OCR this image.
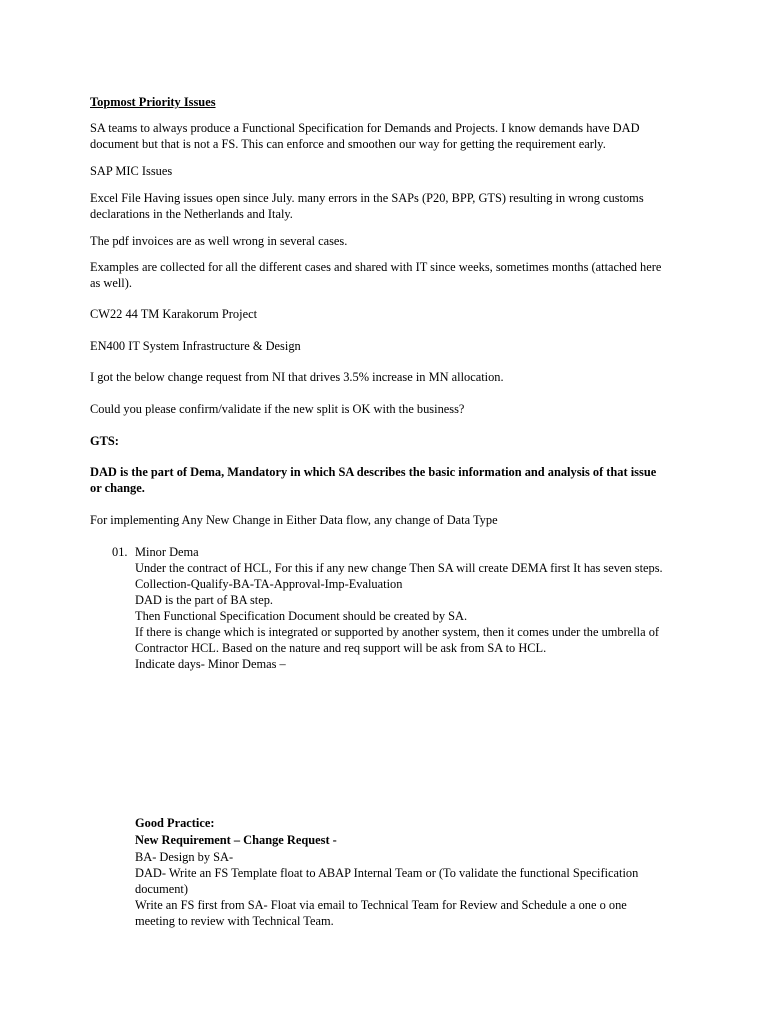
Topmost Priority Issues
SA teams to always produce a Functional Specification for Demands and Projects. I know demands have DAD
document but that is not a FS. This can enforce and smoothen our way for getting the requirement early.
SAP MIC Issues
Excel File Having issues open since July. many errors in the SAPs (P20, BPP, GTS) resulting in wrong customs
declarations in the Netherlands and Italy.
The pdf invoices are as well wrong in several cases.
Examples are collected for all the different cases and shared with IT since weeks, sometimes months (attached here
as well).
CW22 44 TM Karakorum Project
EN400 IT System Infrastructure & Design
I got the below change request from NI that drives 3.5% increase in MN allocation.
Could you please confirm/validate if the new split is OK with the business?
GTS:
DAD is the part of Dema, Mandatory in which SA describes the basic information and analysis of that issue
or change.
For implementing Any New Change in Either Data flow, any change of Data Type
01. Minor Dema
Under the contract of HCL, For this if any new change Then SA will create DEMA first It has seven steps.
Collection-Qualify-BA-TA-Approval-Imp-Evaluation
DAD is the part of BA step.
Then Functional Specification Document should be created by SA.
If there is change which is integrated or supported by another system, then it comes under the umbrella of
Contractor HCL. Based on the nature and req support will be ask from SA to HCL.
Indicate days- Minor Demas –
Good Practice:
New Requirement – Change Request -
BA- Design by SA-
DAD- Write an FS Template float to ABAP Internal Team or (To validate the functional Specification
document)
Write an FS first from SA- Float via email to Technical Team for Review and Schedule a one o one
meeting to review with Technical Team.
